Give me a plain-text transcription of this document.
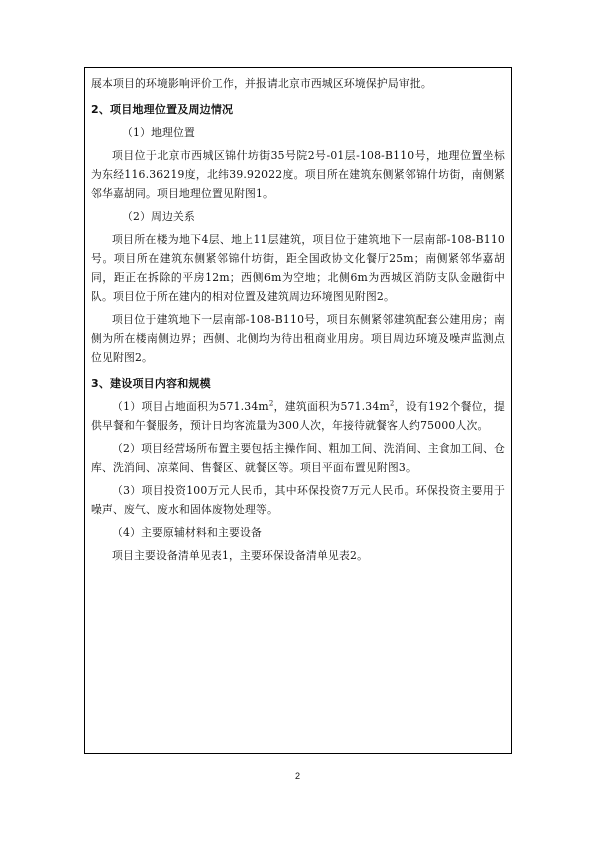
展本项目的环境影响评价工作，并报请北京市西城区环境保护局审批。

2、项目地理位置及周边情况

（1）地理位置

项目位于北京市西城区锦什坊街35号院2号-01层-108-B110号，地理位置坐标为东经116.36219度，北纬39.92022度。项目所在建筑东侧紧邻锦什坊街，南侧紧邻华嘉胡同。项目地理位置见附图1。

（2）周边关系

项目所在楼为地下4层、地上11层建筑，项目位于建筑地下一层南部-108-B110号。项目所在建筑东侧紧邻锦什坊街，距全国政协文化餐厅25m；南侧紧邻华嘉胡同，距正在拆除的平房12m；西侧6m为空地；北侧6m为西城区消防支队金融街中队。项目位于所在建内的相对位置及建筑周边环境图见附图2。

项目位于建筑地下一层南部-108-B110号，项目东侧紧邻建筑配套公建用房；南侧为所在楼南侧边界；西侧、北侧均为待出租商业用房。项目周边环境及噪声监测点位见附图2。

3、建设项目内容和规模

（1）项目占地面积为$571.34m^2$，建筑面积为$571.34m^2$，设有192个餐位，提供早餐和午餐服务，预计日均客流量为300人次，年接待就餐客人约75000人次。

（2）项目经营场所布置主要包括主操作间、粗加工间、洗消间、主食加工间、仓库、洗消间、凉菜间、售餐区、就餐区等。项目平面布置见附图3。

（3）项目投资100万元人民币，其中环保投资7万元人民币。环保投资主要用于噪声、废气、废水和固体废物处理等。

（4）主要原辅材料和主要设备

项目主要设备清单见表1，主要环保设备清单见表2。

2
